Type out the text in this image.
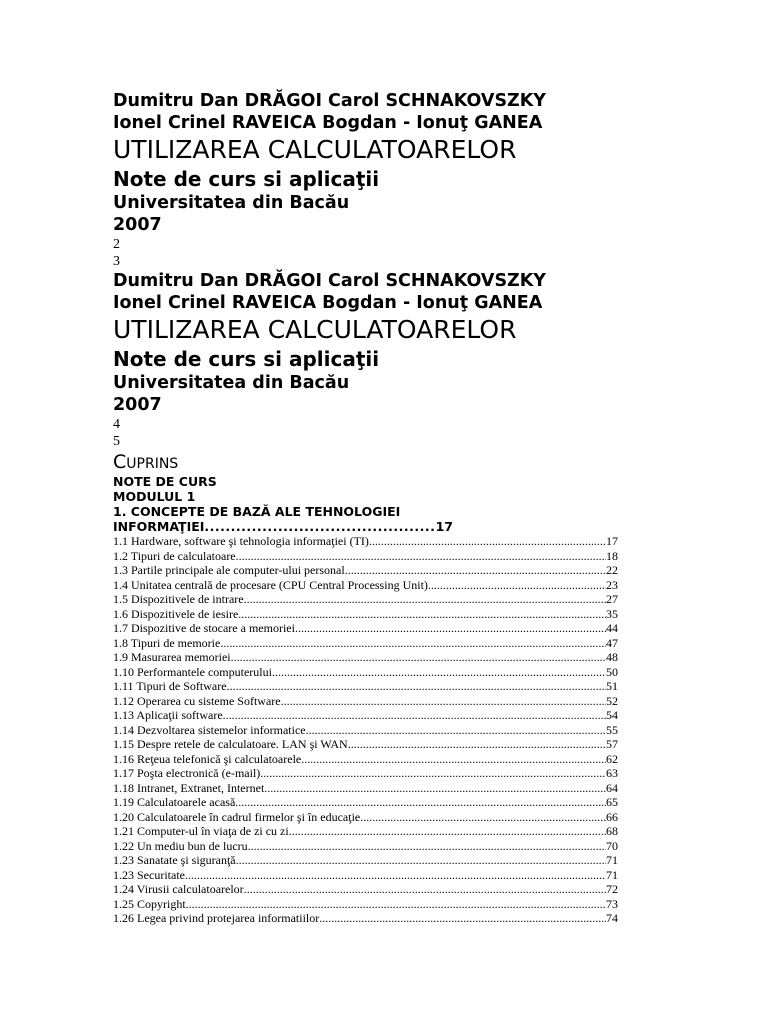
Dumitru Dan DRĂGOI Carol SCHNAKOVSZKY
Ionel Crinel RAVEICA Bogdan - Ionuţ GANEA
UTILIZAREA CALCULATOARELOR
Note de curs si aplicaţii
Universitatea din Bacău
2007
2
3
Dumitru Dan DRĂGOI Carol SCHNAKOVSZKY
Ionel Crinel RAVEICA Bogdan - Ionuţ GANEA
UTILIZAREA CALCULATOARELOR
Note de curs si aplicaţii
Universitatea din Bacău
2007
4
5
CUPRINS
NOTE DE CURS
MODULUL 1
1. CONCEPTE DE BAZĂ ALE TEHNOLOGIEI
INFORMAŢIEI .....	17
1.1 Hardware, software şi tehnologia informaţiei (TI) .....	17
1.2 Tipuri de calculatoare .....	18
1.3 Partile principale ale computer-ului personal .....	22
1.4 Unitatea centrală de procesare (CPU Central Processing Unit) .....	23
1.5 Dispozitivele de intrare .....	27
1.6 Dispozitivele de iesire .....	35
1.7 Dispozitive de stocare a memoriei .....	44
1.8 Tipuri de memorie .....	47
1.9 Masurarea memoriei .....	48
1.10 Performantele computerului .....	50
1.11 Tipuri de Software .....	51
1.12 Operarea cu sisteme Software .....	52
1.13 Aplicaţii software .....	54
1.14 Dezvoltarea sistemelor informatice .....	55
1.15 Despre retele de calculatoare. LAN şi WAN .....	57
1.16 Reţeua telefonică şi calculatoarele .....	62
1.17 Poşta electronică (e-mail) .....	63
1.18 Intranet, Extranet, Internet .....	64
1.19 Calculatoarele acasă .....	65
1.20 Calculatoarele în cadrul firmelor şi în educaţie .....	66
1.21 Computer-ul în viaţa de zi cu zi .....	68
1.22 Un mediu bun de lucru .....	70
1.23 Sanatate şi siguranţă .....	71
1.23 Securitate .....	71
1.24 Virusii calculatoarelor .....	72
1.25 Copyright .....	73
1.26 Legea privind protejarea informatiilor .....	74
